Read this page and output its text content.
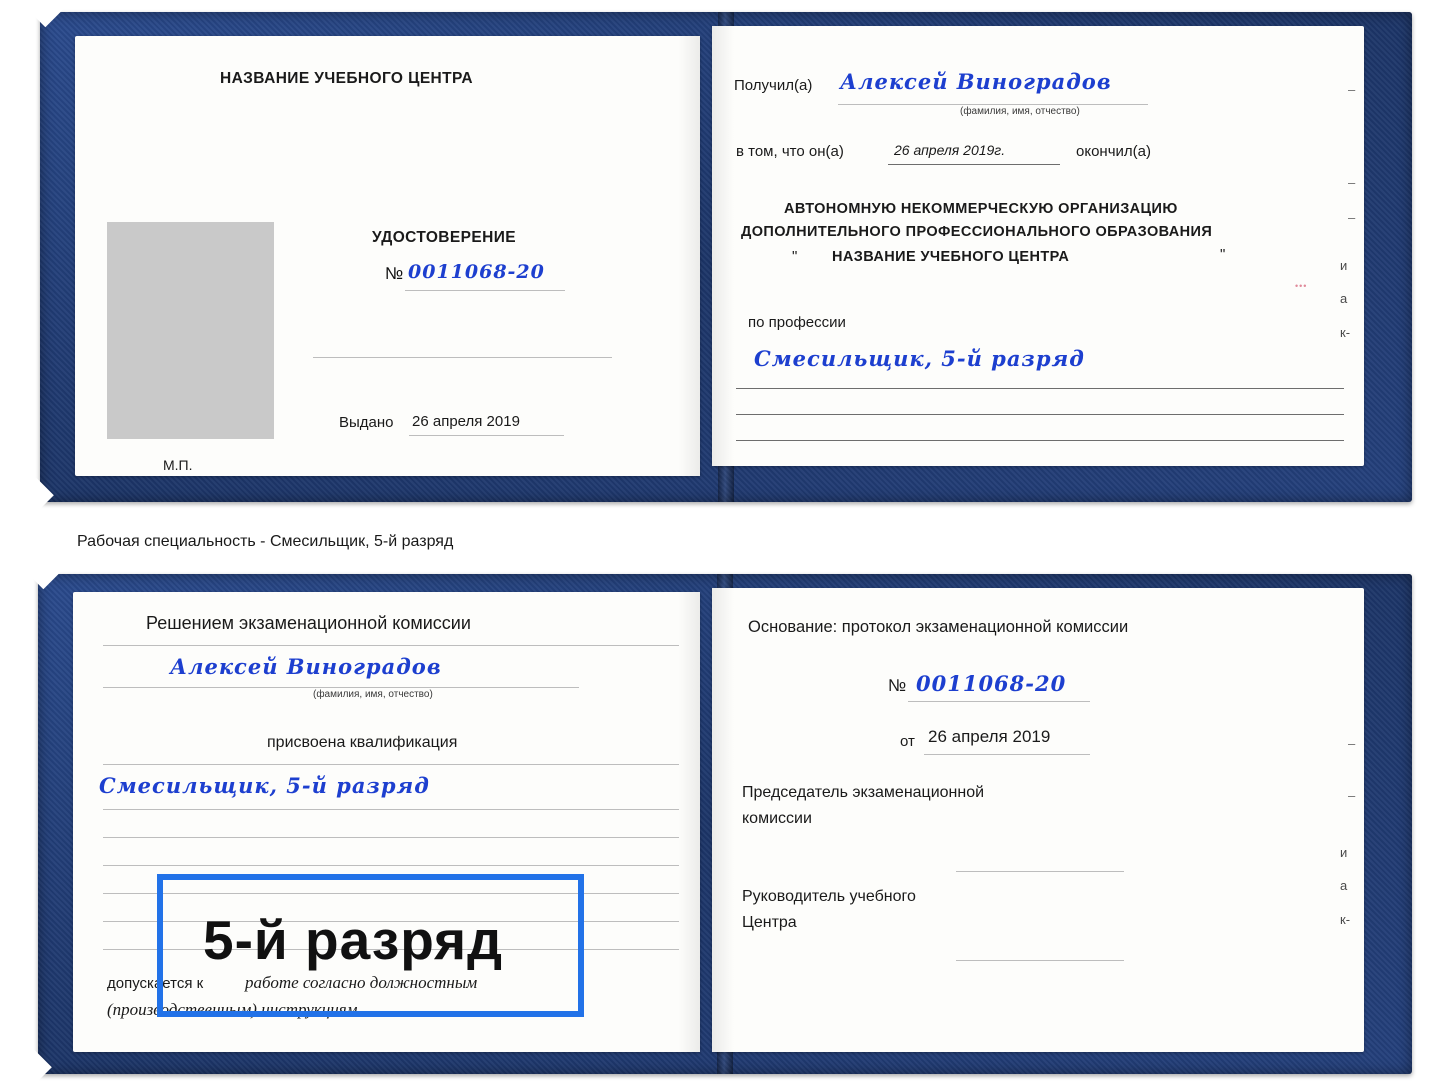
НАЗВАНИЕ УЧЕБНОГО ЦЕНТРА
УДОСТОВЕРЕНИЕ
№ 0011068-20
Выдано 26 апреля 2019
М.П.
Получил(а) Алексей Виноградов
(фамилия, имя, отчество)
в том, что он(а)	26 апреля 2019г.	окончил(а)
АВТОНОМНУЮ НЕКОММЕРЧЕСКУЮ ОРГАНИЗАЦИЮ
ДОПОЛНИТЕЛЬНОГО ПРОФЕССИОНАЛЬНОГО ОБРАЗОВАНИЯ
" НАЗВАНИЕ УЧЕБНОГО ЦЕНТРА	"
по профессии
Смесильщик, 5-й разряд
–
–
–
и
а
к-
•••
Рабочая специальность - Смесильщик, 5-й разряд
Решением экзаменационной комиссии
Алексей Виноградов
(фамилия, имя, отчество)
присвоена квалификация
Смесильщик, 5-й разряд
допускается к работе согласно должностным
(производственным) инструкциям
Основание: протокол экзаменационной комиссии
№ 0011068-20
от 26 апреля 2019
Председатель экзаменационной
комиссии
Руководитель учебного
Центра
–
–
и
а
к-
5-й разряд
